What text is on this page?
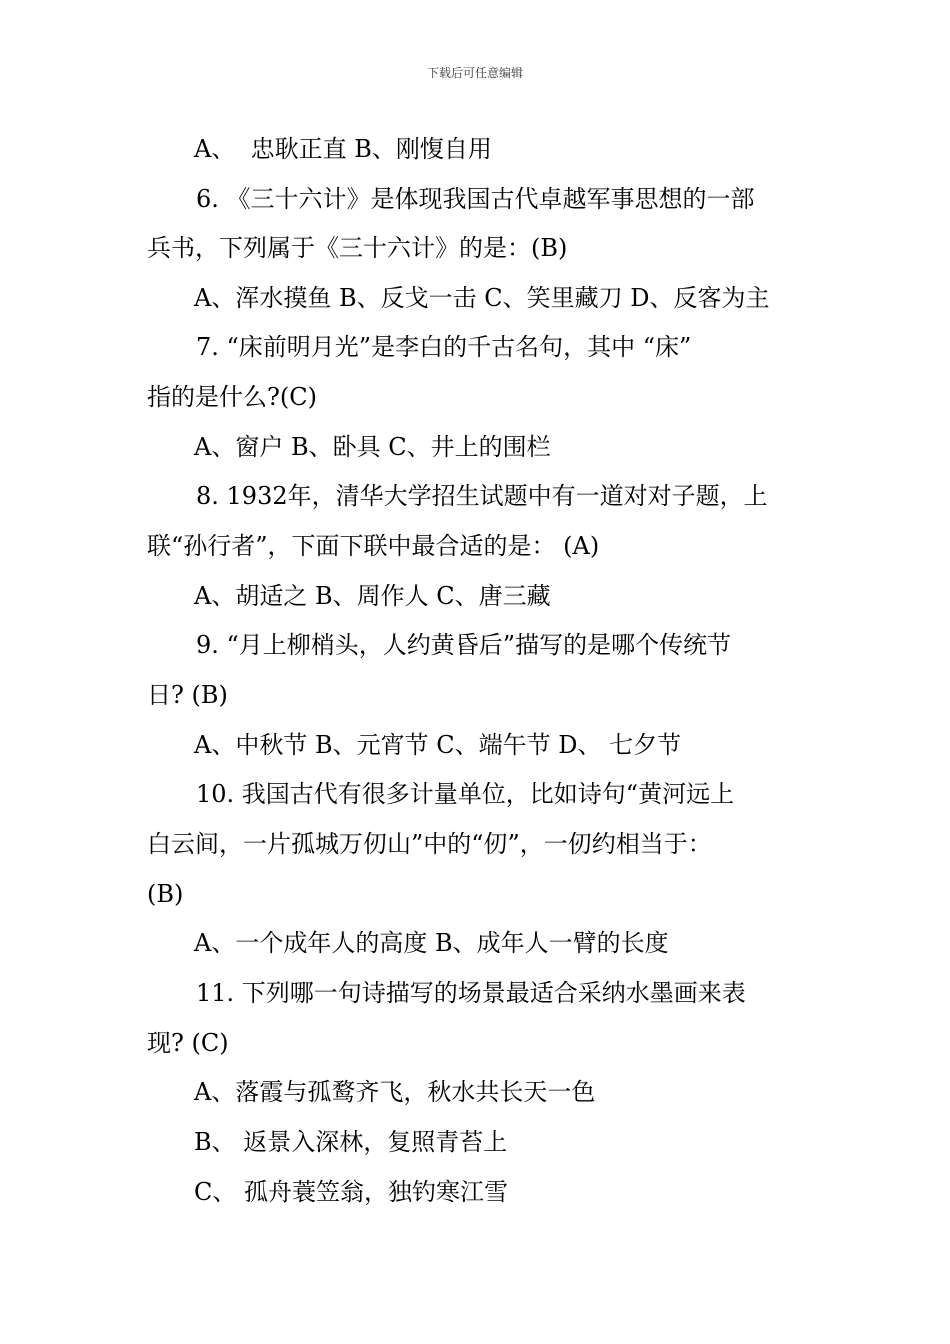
下载后可任意编辑
A、  忠耿正直 B、刚愎自用
6. 《三十六计》是体现我国古代卓越军事思想的一部
兵书，下列属于《三十六计》的是：(B)
A、浑水摸鱼 B、反戈一击 C、笑里藏刀 D、反客为主
7. “床前明月光”是李白的千古名句，其中 “床”
指的是什么?(C)
A、窗户 B、卧具 C、井上的围栏
8. 1932年，清华大学招生试题中有一道对对子题，上
联“孙行者”，下面下联中最合适的是： (A)
A、胡适之 B、周作人 C、唐三藏
9. “月上柳梢头，人约黄昏后”描写的是哪个传统节
日? (B)
A、中秋节 B、元宵节 C、端午节 D、 七夕节
10. 我国古代有很多计量单位，比如诗句“黄河远上
白云间，一片孤城万仞山”中的“仞”，一仞约相当于：
(B)
A、一个成年人的高度 B、成年人一臂的长度
11. 下列哪一句诗描写的场景最适合采纳水墨画来表
现? (C)
A、落霞与孤鹜齐飞，秋水共长天一色
B、 返景入深林，复照青苔上
C、 孤舟蓑笠翁，独钓寒江雪
